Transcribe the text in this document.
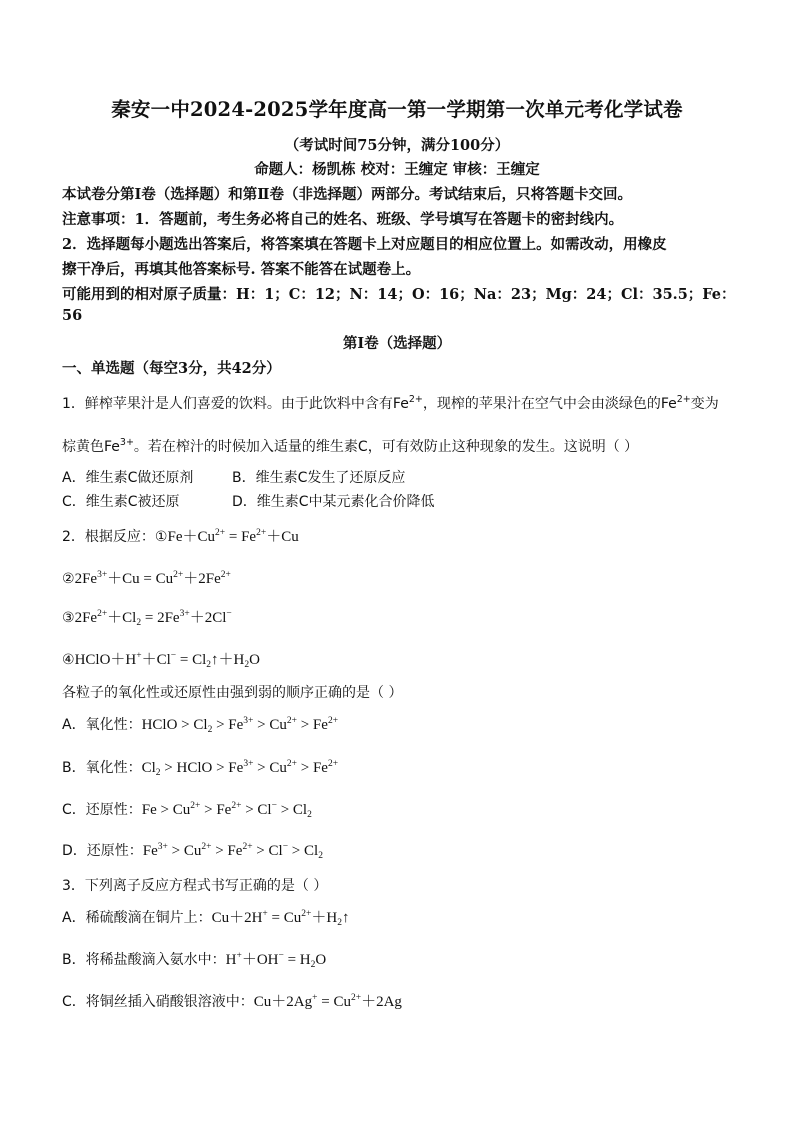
秦安一中2024-2025学年度高一第一学期第一次单元考化学试卷
（考试时间75分钟，满分100分）
命题人：杨凯栋 校对：王缠定 审核：王缠定
本试卷分第Ⅰ卷（选择题）和第Ⅱ卷（非选择题）两部分。考试结束后，只将答题卡交回。
注意事项：1．答题前，考生务必将自己的姓名、班级、学号填写在答题卡的密封线内。
2．选择题每小题选出答案后，将答案填在答题卡上对应题目的相应位置上。如需改动，用橡皮
擦干净后，再填其他答案标号. 答案不能答在试题卷上。
可能用到的相对原子质量：H：1；C：12；N：14；O：16；Na：23；Mg：24；Cl：35.5；Fe：
56
第Ⅰ卷（选择题）
一、单选题（每空3分，共42分）
1．鲜榨苹果汁是人们喜爱的饮料。由于此饮料中含有$Fe^{2+}$，现榨的苹果汁在空气中会由淡绿色的$Fe^{2+}$变为
棕黄色$Fe^{3+}$。若在榨汁的时候加入适量的维生素C，可有效防止这种现象的发生。这说明（ ）
A．维生素C做还原剂	B．维生素C发生了还原反应
C．维生素C被还原	D．维生素C中某元素化合价降低
2．根据反应：$①Fe+Cu^{2+} = Fe^{2+}+Cu$
$②2Fe^{3+}+Cu = Cu^{2+}+2Fe^{2+}$
$③2Fe^{2+}+Cl_2 = 2Fe^{3+}+2Cl^-$
④HClO＋H+＋Cl− = $Cl_2↑+H_2O$
各粒子的氧化性或还原性由强到弱的顺序正确的是（ ）
A．氧化性：HClO > $Cl_2 > Fe^{3+} > Cu^{2+} > Fe^{2+}$
B．氧化性：$Cl_2$ > HClO > $Fe^{3+} > Cu^{2+} > Fe^{2+}$
C．还原性：$Fe > Cu^{2+} > Fe^{2+} > Cl^- > Cl_2$
D．还原性：$Fe^{3+} > Cu^{2+} > Fe^{2+} > Cl^- > Cl_2$
3．下列离子反应方程式书写正确的是（ ）
A．稀硫酸滴在铜片上：$Cu+2H^+ = Cu^{2+}+H_2↑$
B．将稀盐酸滴入氨水中：$H^++OH^- = H_2O$
C．将铜丝插入硝酸银溶液中：$Cu+2Ag^+ = Cu^{2+}+2Ag$
